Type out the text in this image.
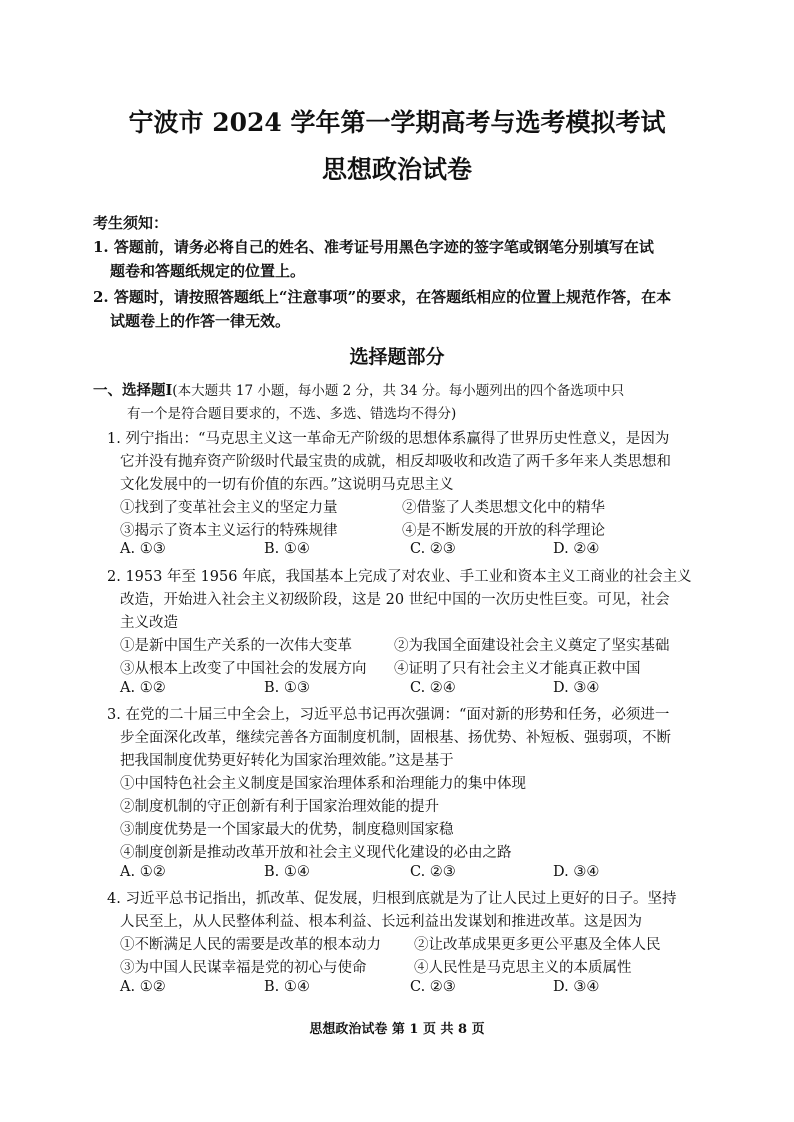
宁波市 2024 学年第一学期高考与选考模拟考试
思想政治试卷
考生须知：
1. 答题前，请务必将自己的姓名、准考证号用黑色字迹的签字笔或钢笔分别填写在试
题卷和答题纸规定的位置上。
2. 答题时，请按照答题纸上“注意事项”的要求，在答题纸相应的位置上规范作答，在本
试题卷上的作答一律无效。
选择题部分
一、选择题Ⅰ(本大题共 17 小题，每小题 2 分，共 34 分。每小题列出的四个备选项中只
有一个是符合题目要求的，不选、多选、错选均不得分)
1. 列宁指出：“马克思主义这一革命无产阶级的思想体系赢得了世界历史性意义，是因为
它并没有抛弃资产阶级时代最宝贵的成就，相反却吸收和改造了两千多年来人类思想和
文化发展中的一切有价值的东西。”这说明马克思主义
①找到了变革社会主义的坚定力量	②借鉴了人类思想文化中的精华
③揭示了资本主义运行的特殊规律	④是不断发展的开放的科学理论
A. ①③	B. ①④	C. ②③	D. ②④
2. 1953 年至 1956 年底，我国基本上完成了对农业、手工业和资本主义工商业的社会主义
改造，开始进入社会主义初级阶段，这是 20 世纪中国的一次历史性巨变。可见，社会
主义改造
①是新中国生产关系的一次伟大变革	②为我国全面建设社会主义奠定了坚实基础
③从根本上改变了中国社会的发展方向 ④证明了只有社会主义才能真正救中国
A. ①②	B. ①③	C. ②④	D. ③④
3. 在党的二十届三中全会上，习近平总书记再次强调：“面对新的形势和任务，必须进一
步全面深化改革，继续完善各方面制度机制，固根基、扬优势、补短板、强弱项，不断
把我国制度优势更好转化为国家治理效能。”这是基于
①中国特色社会主义制度是国家治理体系和治理能力的集中体现
②制度机制的守正创新有利于国家治理效能的提升
③制度优势是一个国家最大的优势，制度稳则国家稳
④制度创新是推动改革开放和社会主义现代化建设的必由之路
A. ①②	B. ①④	C. ②③	D. ③④
4. 习近平总书记指出，抓改革、促发展，归根到底就是为了让人民过上更好的日子。坚持
人民至上，从人民整体利益、根本利益、长远利益出发谋划和推进改革。这是因为
①不断满足人民的需要是改革的根本动力 ②让改革成果更多更公平惠及全体人民
③为中国人民谋幸福是党的初心与使命	④人民性是马克思主义的本质属性
A. ①②	B. ①④	C. ②③	D. ③④
思想政治试卷 第 1 页 共 8 页
